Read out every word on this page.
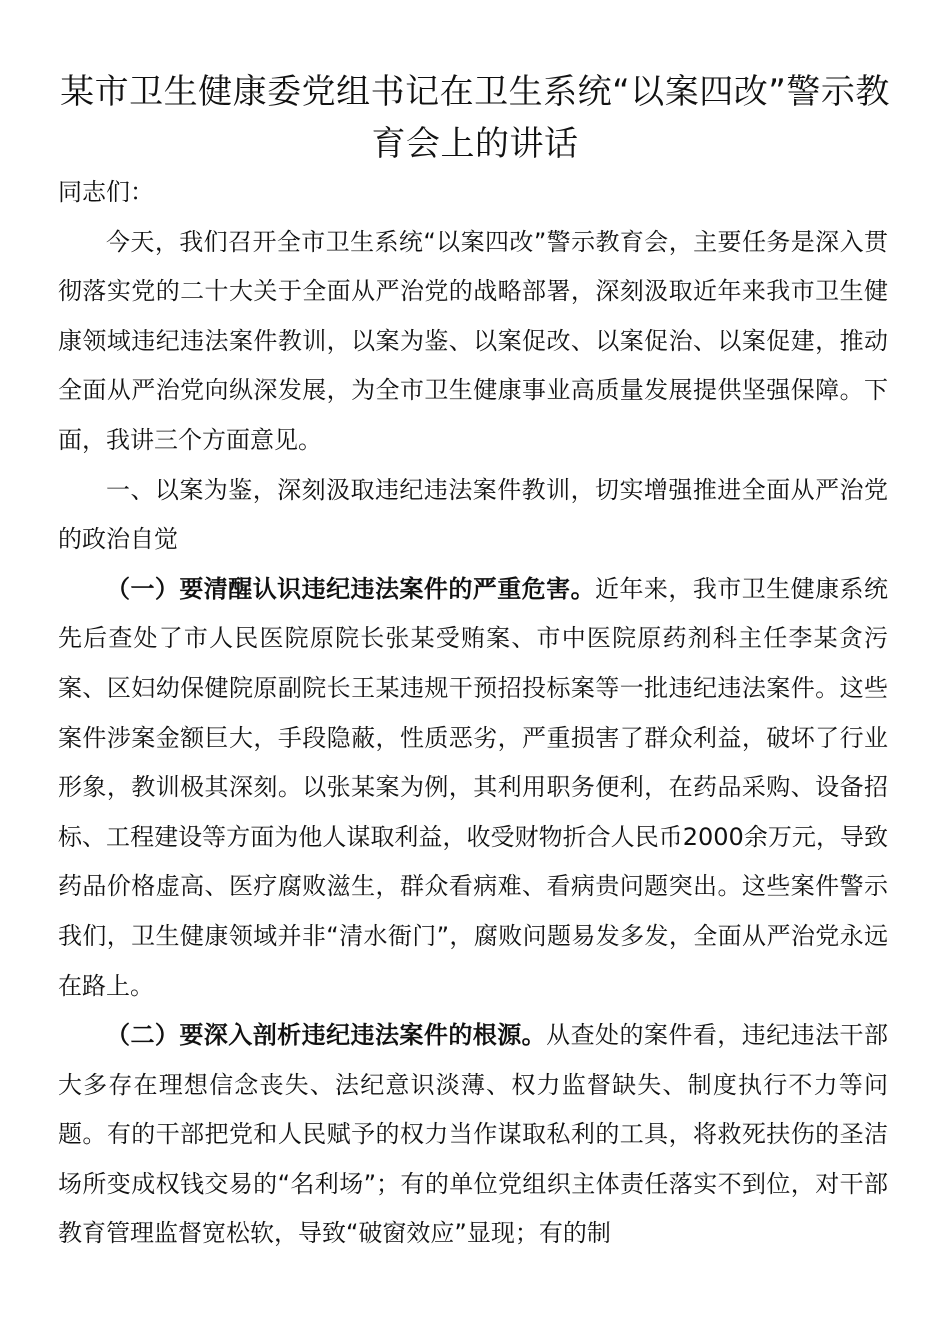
某市卫生健康委党组书记在卫生系统“以案四改”警示教育会上的讲话

同志们：

今天，我们召开全市卫生系统“以案四改”警示教育会，主要任务是深入贯彻落实党的二十大关于全面从严治党的战略部署，深刻汲取近年来我市卫生健康领域违纪违法案件教训，以案为鉴、以案促改、以案促治、以案促建，推动全面从严治党向纵深发展，为全市卫生健康事业高质量发展提供坚强保障。下面，我讲三个方面意见。

一、以案为鉴，深刻汲取违纪违法案件教训，切实增强推进全面从严治党的政治自觉

（一）要清醒认识违纪违法案件的严重危害。近年来，我市卫生健康系统先后查处了市人民医院原院长张某受贿案、市中医院原药剂科主任李某贪污案、区妇幼保健院原副院长王某违规干预招投标案等一批违纪违法案件。这些案件涉案金额巨大，手段隐蔽，性质恶劣，严重损害了群众利益，破坏了行业形象，教训极其深刻。以张某案为例，其利用职务便利，在药品采购、设备招标、工程建设等方面为他人谋取利益，收受财物折合人民币2000余万元，导致药品价格虚高、医疗腐败滋生，群众看病难、看病贵问题突出。这些案件警示我们，卫生健康领域并非“清水衙门”，腐败问题易发多发，全面从严治党永远在路上。

（二）要深入剖析违纪违法案件的根源。从查处的案件看，违纪违法干部大多存在理想信念丧失、法纪意识淡薄、权力监督缺失、制度执行不力等问题。有的干部把党和人民赋予的权力当作谋取私利的工具，将救死扶伤的圣洁场所变成权钱交易的“名利场”；有的单位党组织主体责任落实不到位，对干部教育管理监督宽松软，导致“破窗效应”显现；有的制
